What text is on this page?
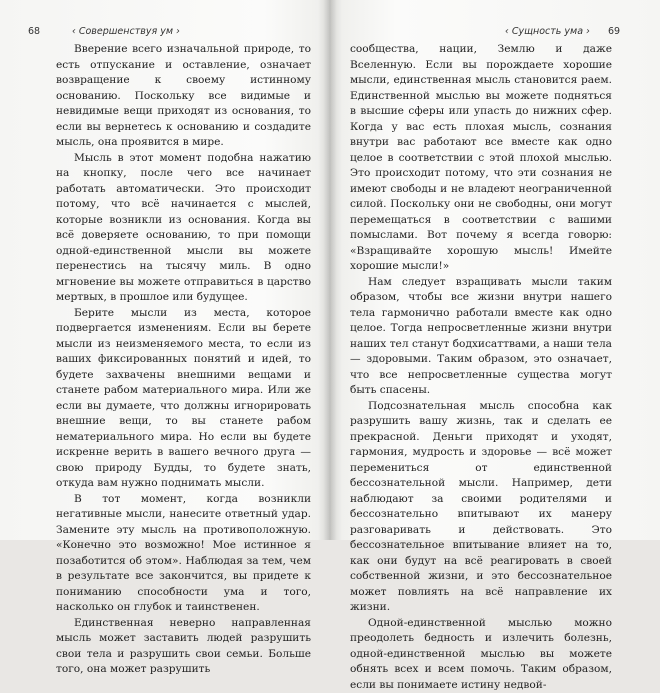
68	‹ Совершенствуя ум ›

Вверение всего изначальной природе, то есть отпускание и оставление, означает возвращение к своему истинному основанию. Поскольку все видимые и невидимые вещи приходят из основания, то если вы вернетесь к основанию и создадите мысль, она проявится в мире.

Мысль в этот момент подобна нажатию на кнопку, после чего все начинает работать автоматически. Это происходит потому, что всё начинается с мыслей, которые возникли из основания. Когда вы всё доверяете основанию, то при помощи одной-единственной мысли вы можете перенестись на тысячу миль. В одно мгновение вы можете отправиться в царство мертвых, в прошлое или будущее.

Берите мысли из места, которое подвергается изменениям. Если вы берете мысли из неизменяемого места, то если из ваших фиксированных понятий и идей, то будете захвачены внешними вещами и станете рабом материального мира. Или же если вы думаете, что должны игнорировать внешние вещи, то вы станете рабом нематериального мира. Но если вы будете искренне верить в вашего вечного друга — свою природу Будды, то будете знать, откуда вам нужно поднимать мысли.

В тот момент, когда возникли негативные мысли, нанесите ответный удар. Замените эту мысль на противоположную. «Конечно это возможно! Мое истинное я позаботится об этом». Наблюдая за тем, чем в результате все закончится, вы придете к пониманию способности ума и того, насколько он глубок и таинственен.

Единственная неверно направленная мысль может заставить людей разрушить свои тела и разрушить свои семьи. Больше того, она может разрушить

‹ Сущность ума › 69

сообщества, нации, Землю и даже Вселенную. Если вы порождаете хорошие мысли, единственная мысль становится раем. Единственной мыслью вы можете подняться в высшие сферы или упасть до нижних сфер. Когда у вас есть плохая мысль, сознания внутри вас работают все вместе как одно целое в соответствии с этой плохой мыслью. Это происходит потому, что эти сознания не имеют свободы и не владеют неограниченной силой. Поскольку они не свободны, они могут перемещаться в соответствии с вашими помыслами. Вот почему я всегда говорю: «Взращивайте хорошую мысль! Имейте хорошие мысли!»

Нам следует взращивать мысли таким образом, чтобы все жизни внутри нашего тела гармонично работали вместе как одно целое. Тогда непросветленные жизни внутри наших тел станут бодхисаттвами, а наши тела — здоровыми. Таким образом, это означает, что все непросветленные существа могут быть спасены.

Подсознательная мысль способна как разрушить вашу жизнь, так и сделать ее прекрасной. Деньги приходят и уходят, гармония, мудрость и здоровье — всё может перемениться от единственной бессознательной мысли. Например, дети наблюдают за своими родителями и бессознательно впитывают их манеру разговаривать и действовать. Это бессознательное впитывание влияет на то, как они будут на всё реагировать в своей собственной жизни, и это бессознательное может повлиять на всё направление их жизни.

Одной-единственной мыслью можно преодолеть бедность и излечить болезнь, одной-единственной мыслью вы можете обнять всех и всем помочь. Таким образом, если вы понимаете истину недвой-
